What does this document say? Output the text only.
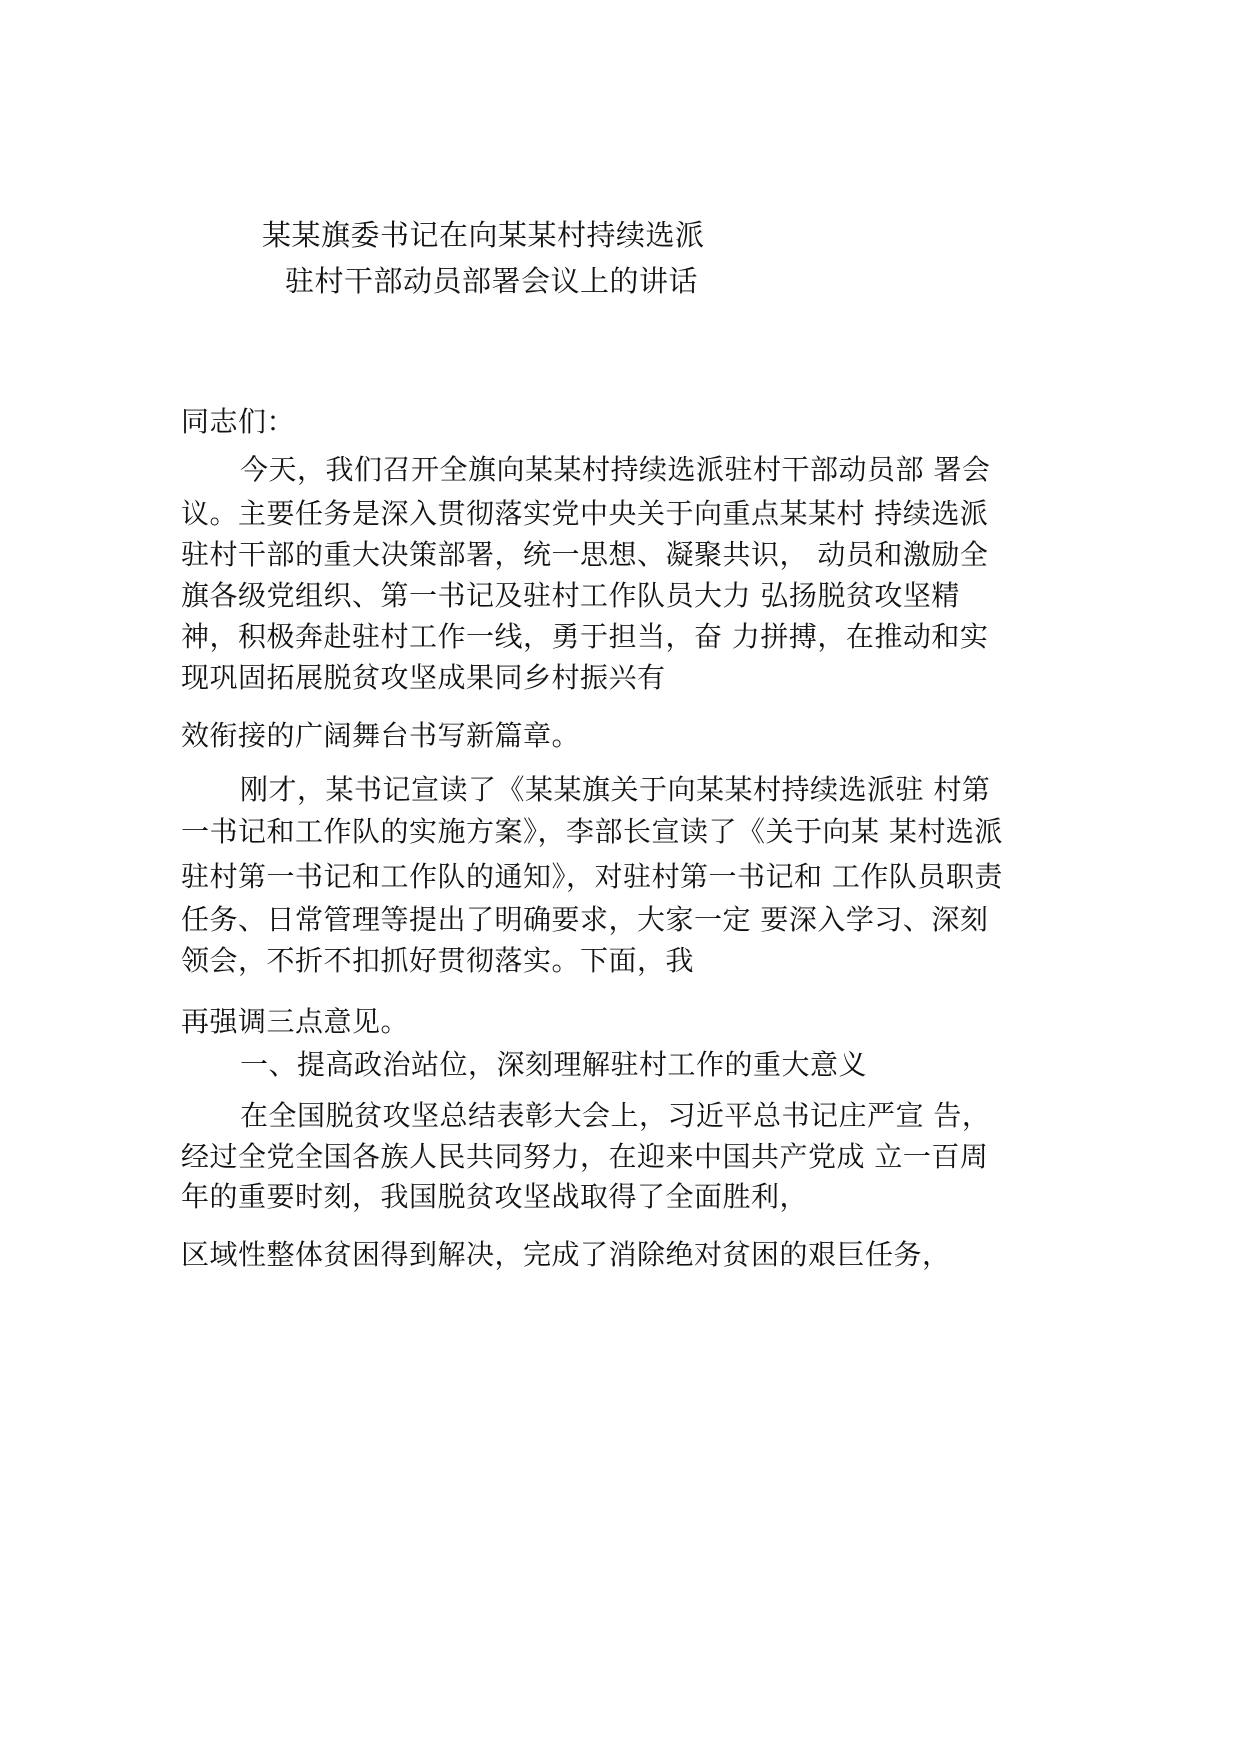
某某旗委书记在向某某村持续选派
驻村干部动员部署会议上的讲话
同志们：
今天，我们召开全旗向某某村持续选派驻村干部动员部 署会
议。主要任务是深入贯彻落实党中央关于向重点某某村 持续选派
驻村干部的重大决策部署，统一思想、凝聚共识， 动员和激励全
旗各级党组织、第一书记及驻村工作队员大力 弘扬脱贫攻坚精
神，积极奔赴驻村工作一线，勇于担当，奋 力拼搏，在推动和实
现巩固拓展脱贫攻坚成果同乡村振兴有
效衔接的广阔舞台书写新篇章。
刚才，某书记宣读了《某某旗关于向某某村持续选派驻 村第
一书记和工作队的实施方案》，李部长宣读了《关于向某 某村选派
驻村第一书记和工作队的通知》，对驻村第一书记和 工作队员职责
任务、日常管理等提出了明确要求，大家一定 要深入学习、深刻
领会，不折不扣抓好贯彻落实。下面，我
再强调三点意见。
一、提高政治站位，深刻理解驻村工作的重大意义
在全国脱贫攻坚总结表彰大会上，习近平总书记庄严宣 告，
经过全党全国各族人民共同努力，在迎来中国共产党成 立一百周
年的重要时刻，我国脱贫攻坚战取得了全面胜利，
区域性整体贫困得到解决，完成了消除绝对贫困的艰巨任务，
